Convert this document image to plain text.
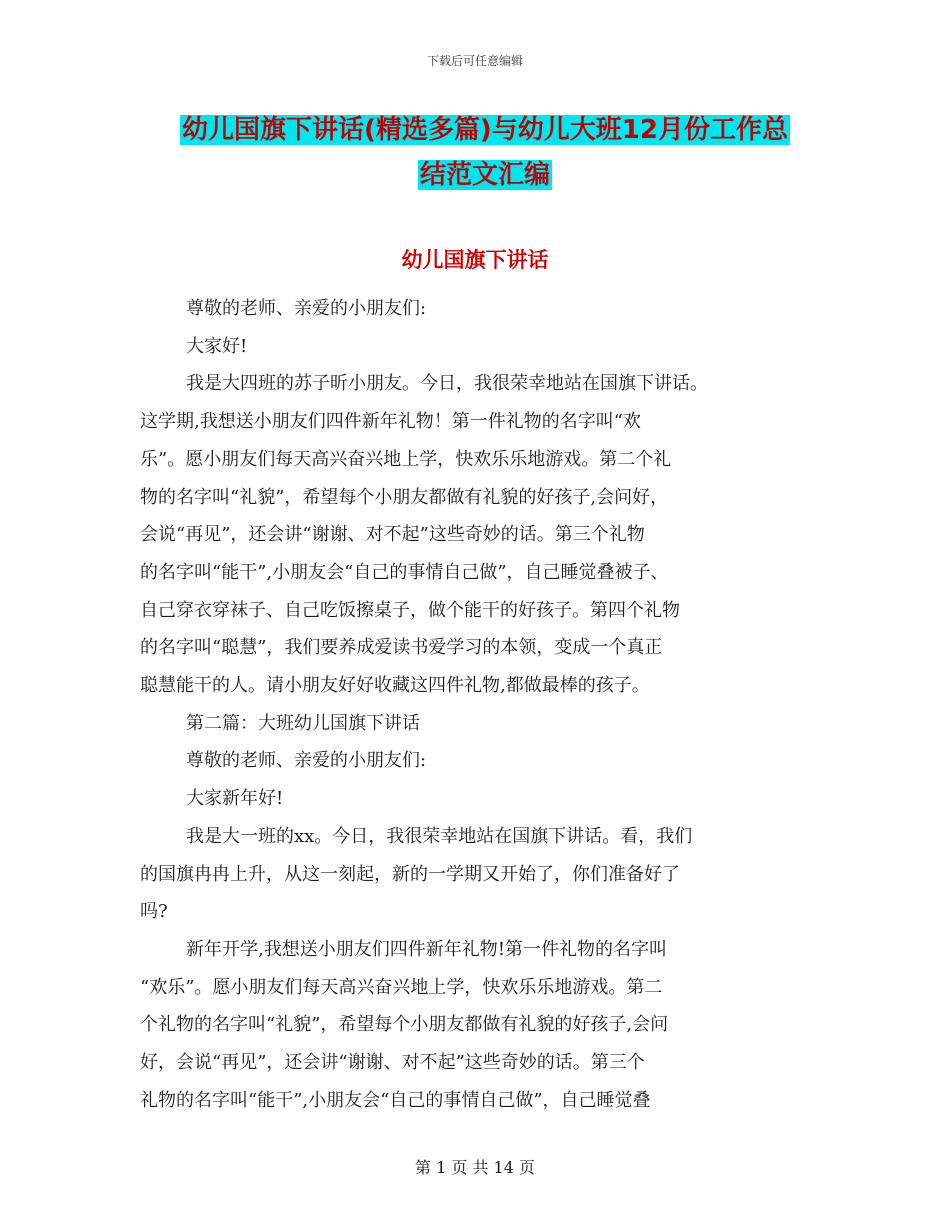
下载后可任意编辑
幼儿国旗下讲话(精选多篇)与幼儿大班12月份工作总
结范文汇编
幼儿国旗下讲话

尊敬的老师、亲爱的小朋友们:

大家好!

我是大四班的苏子昕小朋友。今日，我很荣幸地站在国旗下讲话。

这学期,我想送小朋友们四件新年礼物！第一件礼物的名字叫“欢

乐”。愿小朋友们每天高兴奋兴地上学，快欢乐乐地游戏。第二个礼

物的名字叫“礼貌”，希望每个小朋友都做有礼貌的好孩子,会问好，

会说“再见”，还会讲“谢谢、对不起”这些奇妙的话。第三个礼物

的名字叫“能干”,小朋友会“自己的事情自己做”，自己睡觉叠被子、

自己穿衣穿袜子、自己吃饭擦桌子，做个能干的好孩子。第四个礼物

的名字叫“聪慧”，我们要养成爱读书爱学习的本领，变成一个真正

聪慧能干的人。请小朋友好好收藏这四件礼物,都做最棒的孩子。

第二篇：大班幼儿国旗下讲话

尊敬的老师、亲爱的小朋友们:

大家新年好!

我是大一班的xx。今日，我很荣幸地站在国旗下讲话。看，我们

的国旗冉冉上升，从这一刻起，新的一学期又开始了，你们准备好了

吗?

新年开学,我想送小朋友们四件新年礼物!第一件礼物的名字叫

“欢乐”。愿小朋友们每天高兴奋兴地上学，快欢乐乐地游戏。第二

个礼物的名字叫“礼貌”，希望每个小朋友都做有礼貌的好孩子,会问

好，会说“再见”，还会讲“谢谢、对不起”这些奇妙的话。第三个

礼物的名字叫“能干”,小朋友会“自己的事情自己做”，自己睡觉叠

第 1 页 共 14 页
